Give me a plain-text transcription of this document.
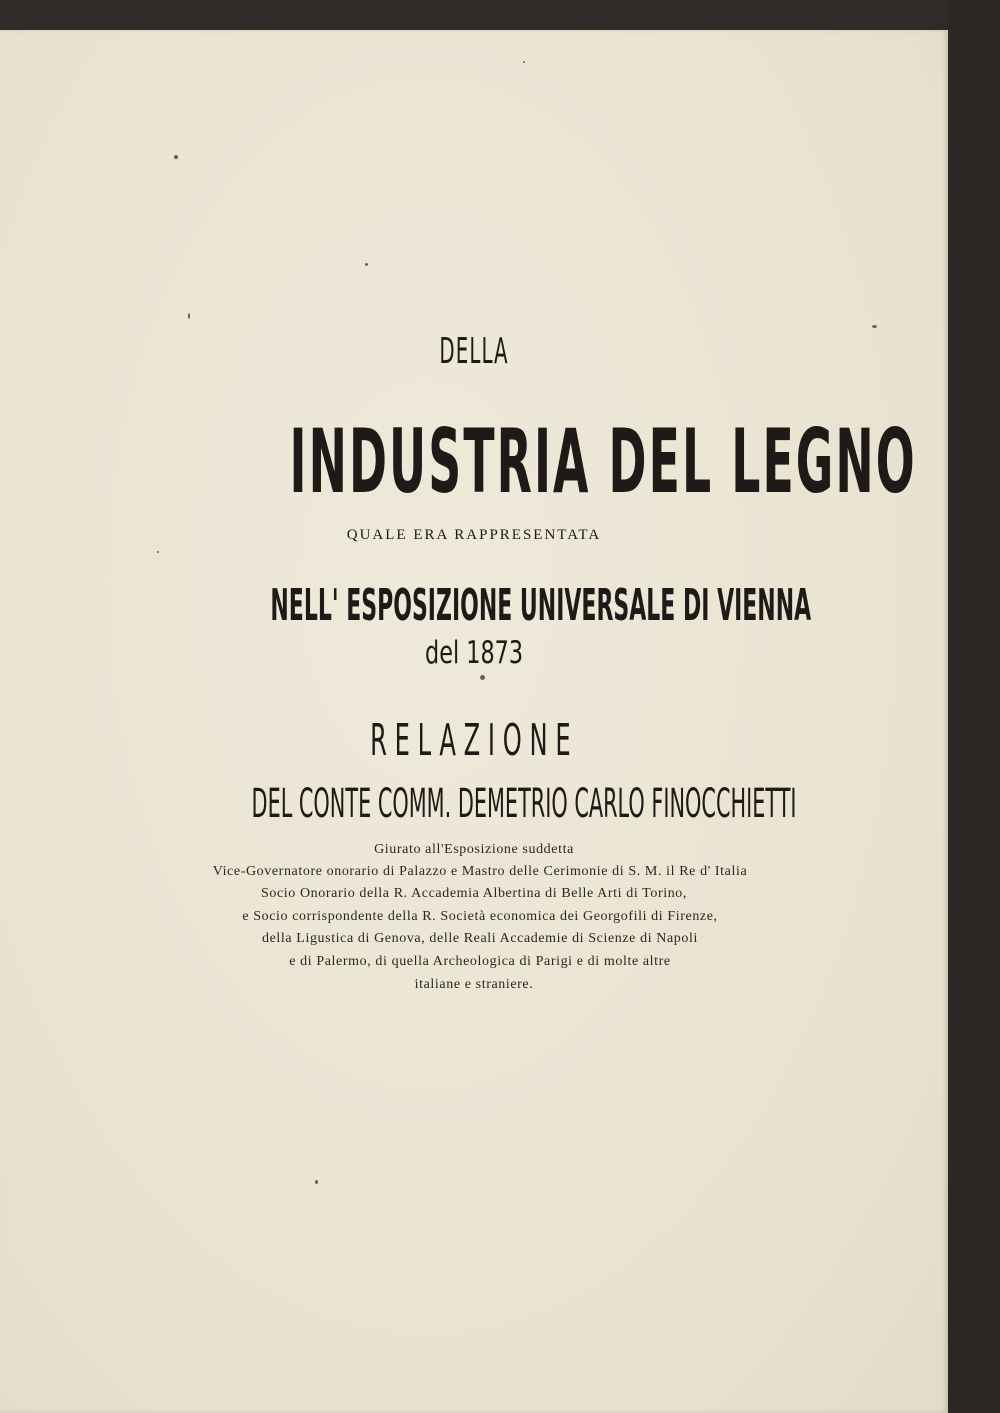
DELLA

INDUSTRIA DEL LEGNO

QUALE ERA RAPPRESENTATA

NELL' ESPOSIZIONE UNIVERSALE DI VIENNA

del 1873

RELAZIONE

DEL CONTE COMM. DEMETRIO CARLO FINOCCHIETTI

Giurato all'Esposizione suddetta
Vice-Governatore onorario di Palazzo e Mastro delle Cerimonie di S. M. il Re d' Italia
Socio Onorario della R. Accademia Albertina di Belle Arti di Torino,
e Socio corrispondente della R. Società economica dei Georgofili di Firenze,
della Ligustica di Genova, delle Reali Accademie di Scienze di Napoli
e di Palermo, di quella Archeologica di Parigi e di molte altre
italiane e straniere.
